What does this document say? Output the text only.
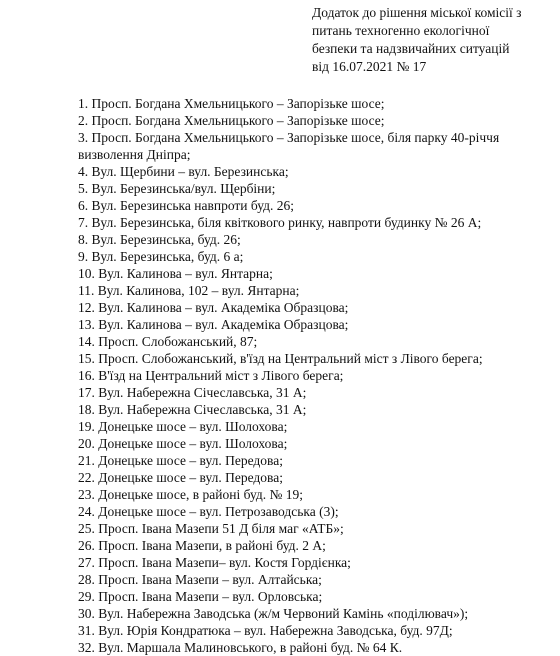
Додаток до рішення міської комісії з
питань техногенно екологічної
безпеки та надзвичайних ситуацій
від 16.07.2021 № 17
1. Просп. Богдана Хмельницького – Запорізьке шосе;
2. Просп. Богдана Хмельницького – Запорізьке шосе;
3. Просп. Богдана Хмельницького – Запорізьке шосе, біля парку 40-річчя визволення Дніпра;
4. Вул. Щербини – вул. Березинська;
5. Вул. Березинська/вул. Щербіни;
6. Вул. Березинська навпроти буд. 26;
7. Вул. Березинська, біля квіткового ринку, навпроти будинку № 26 А;
8. Вул. Березинська, буд. 26;
9. Вул. Березинська, буд. 6 а;
10. Вул. Калинова – вул. Янтарна;
11. Вул. Калинова, 102 – вул. Янтарна;
12. Вул. Калинова – вул. Академіка Образцова;
13. Вул. Калинова – вул. Академіка Образцова;
14. Просп. Слобожанський, 87;
15. Просп. Слобожанський, в'їзд на Центральний міст з Лівого берега;
16. В'їзд на Центральний міст з Лівого берега;
17. Вул. Набережна Січеславська, 31 А;
18. Вул. Набережна Січеславська, 31 А;
19. Донецьке шосе – вул. Шолохова;
20. Донецьке шосе – вул. Шолохова;
21. Донецьке шосе – вул. Передова;
22. Донецьке шосе – вул. Передова;
23. Донецьке шосе, в районі буд. № 19;
24. Донецьке шосе – вул. Петрозаводська (3);
25. Просп. Івана Мазепи 51 Д біля маг «АТБ»;
26. Просп. Івана Мазепи, в районі буд. 2 А;
27. Просп. Івана Мазепи– вул. Костя Гордієнка;
28. Просп. Івана Мазепи – вул. Алтайська;
29. Просп. Івана Мазепи – вул. Орловська;
30. Вул. Набережна Заводська (ж/м Червоний Камінь «поділювач»);
31. Вул. Юрія Кондратюка – вул. Набережна Заводська, буд. 97Д;
32. Вул. Маршала Малиновського, в районі буд. № 64 К.
